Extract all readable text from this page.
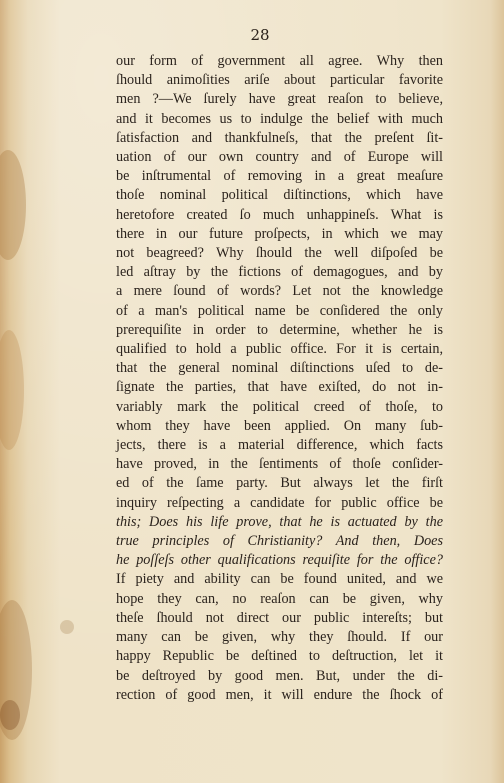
28
our form of government all agree. Why then
ſhould animoſities ariſe about particular favorite
men ?—We ſurely have great reaſon to believe,
and it becomes us to indulge the belief with much
ſatisfaction and thankfulneſs, that the preſent ſit-
uation of our own country and of Europe will
be inſtrumental of removing in a great meaſure
thoſe nominal political diſtinctions, which have
heretofore created ſo much unhappineſs. What is
there in our future proſpects, in which we may
not beagreed? Why ſhould the well diſpoſed be
led aſtray by the fictions of demagogues, and by
a mere ſound of words? Let not the knowledge
of a man's political name be conſidered the only
prerequiſite in order to determine, whether he is
qualified to hold a public office. For it is certain,
that the general nominal diſtinctions uſed to de-
ſignate the parties, that have exiſted, do not in-
variably mark the political creed of thoſe, to
whom they have been applied. On many ſub-
jects, there is a material difference, which facts
have proved, in the ſentiments of thoſe conſider-
ed of the ſame party. But always let the firſt
inquiry reſpecting a candidate for public office be
this; Does his life prove, that he is actuated by the
true principles of Christianity? And then, Does
he poſſeſs other qualifications requiſite for the office?
If piety and ability can be found united, and we
hope they can, no reaſon can be given, why
theſe ſhould not direct our public intereſts; but
many can be given, why they ſhould. If our
happy Republic be deſtined to deſtruction, let it
be deſtroyed by good men. But, under the di-
rection of good men, it will endure the ſhock of
